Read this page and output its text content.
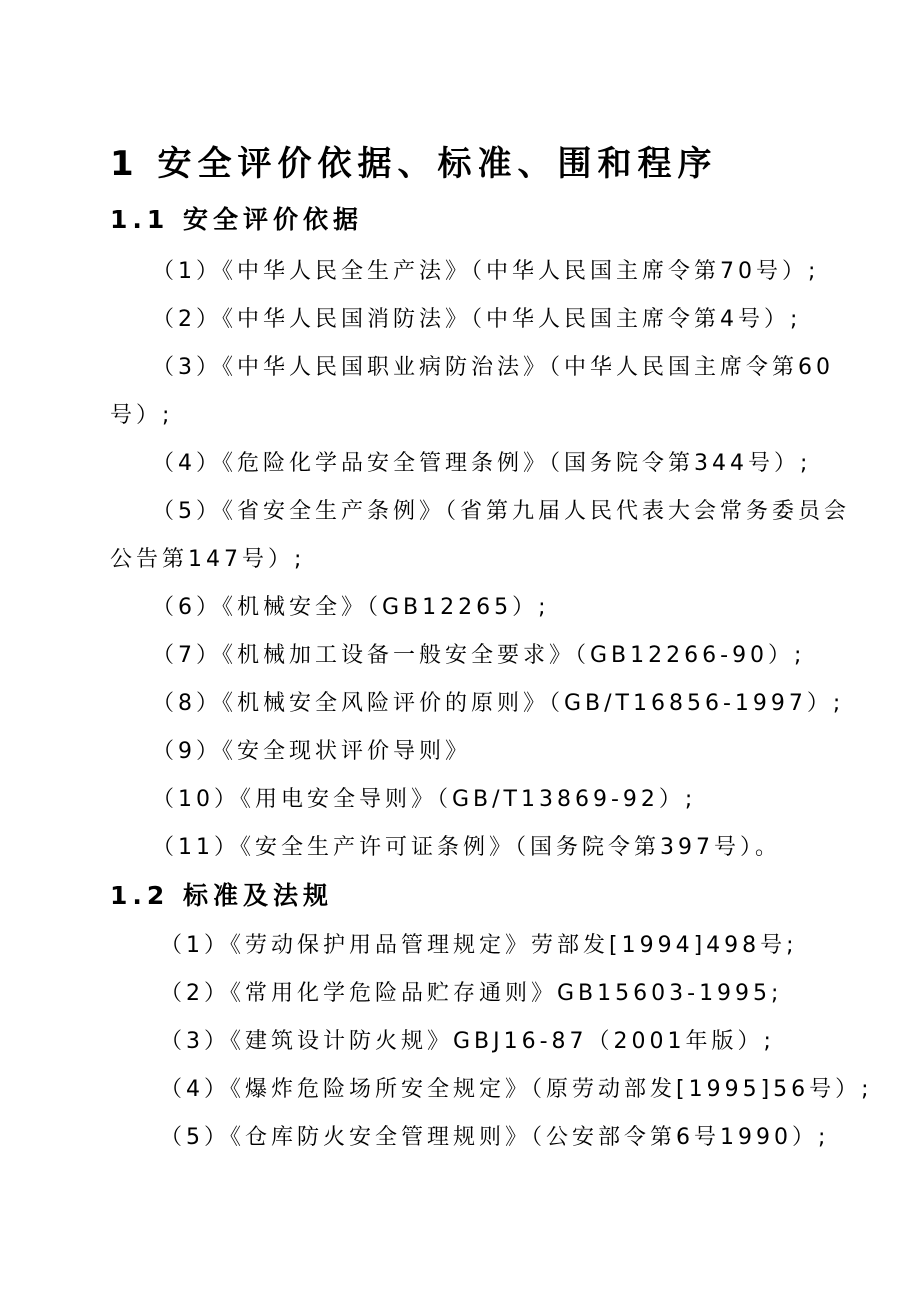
1 安全评价依据、标准、围和程序
1.1 安全评价依据
（1）《中华人民全生产法》（中华人民国主席令第70号）;
（2）《中华人民国消防法》（中华人民国主席令第4号）;
（3）《中华人民国职业病防治法》（中华人民国主席令第60
号）;
（4）《危险化学品安全管理条例》（国务院令第344号）;
（5）《省安全生产条例》（省第九届人民代表大会常务委员会
公告第147号）;
（6）《机械安全》（GB12265）;
（7）《机械加工设备一般安全要求》（GB12266-90）;
（8）《机械安全风险评价的原则》（GB/T16856-1997）;
（9）《安全现状评价导则》
（10）《用电安全导则》（GB/T13869-92）;
（11）《安全生产许可证条例》（国务院令第397号）。
1.2 标准及法规
（1）《劳动保护用品管理规定》劳部发[1994]498号;
（2）《常用化学危险品贮存通则》GB15603-1995;
（3）《建筑设计防火规》GBJ16-87（2001年版）;
（4）《爆炸危险场所安全规定》（原劳动部发[1995]56号）;
（5）《仓库防火安全管理规则》（公安部令第6号1990）;
